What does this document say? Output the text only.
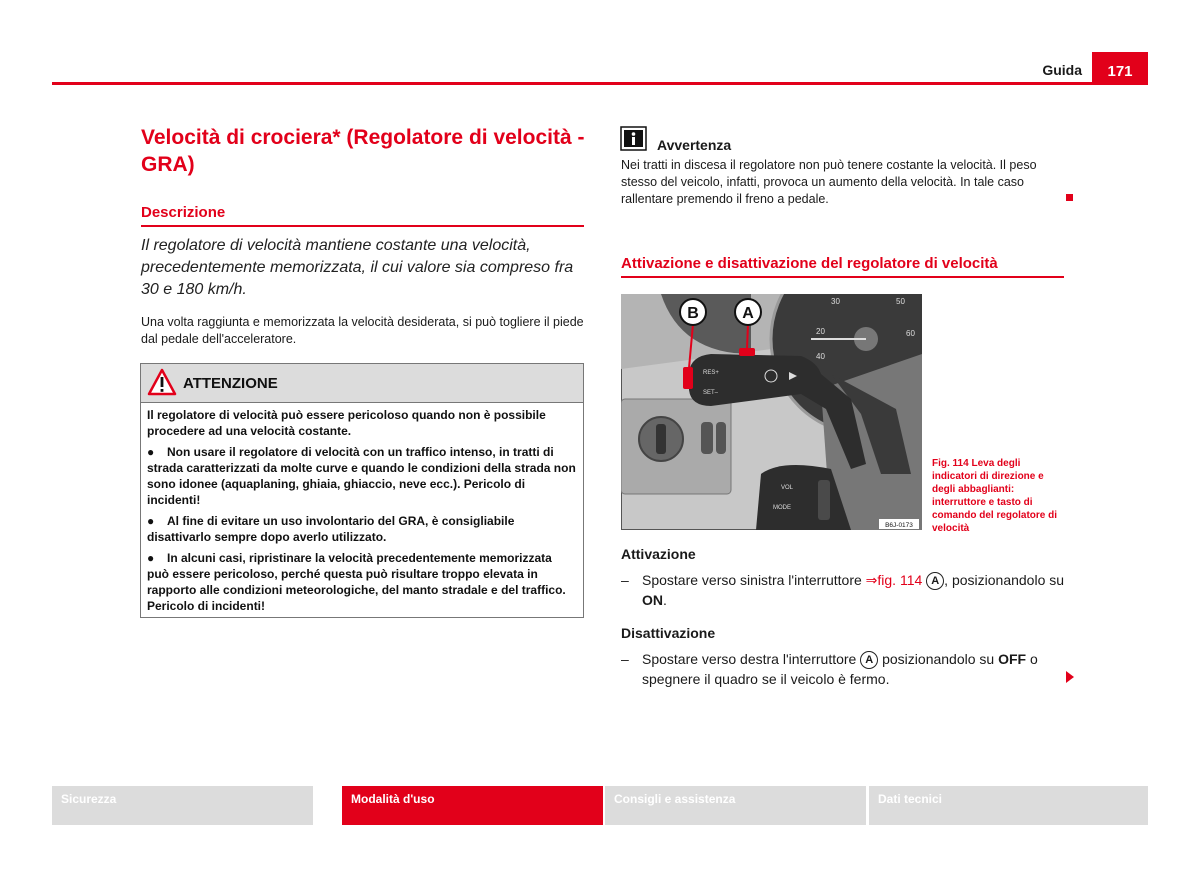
Guida	171
Velocità di crociera* (Regolatore di velocità - GRA)
Descrizione
Il regolatore di velocità mantiene costante una velocità, precedentemente memorizzata, il cui valore sia compreso fra 30 e 180 km/h.
Una volta raggiunta e memorizzata la velocità desiderata, si può togliere il piede dal pedale dell'acceleratore.
ATTENZIONE

Il regolatore di velocità può essere pericoloso quando non è possibile procedere ad una velocità costante.

● Non usare il regolatore di velocità con un traffico intenso, in tratti di strada caratterizzati da molte curve e quando le condizioni della strada non sono idonee (aquaplaning, ghiaia, ghiaccio, neve ecc.). Pericolo di incidenti!

● Al fine di evitare un uso involontario del GRA, è consigliabile disattivarlo sempre dopo averlo utilizzato.

● In alcuni casi, ripristinare la velocità precedentemente memorizzata può essere pericoloso, perché questa può risultare troppo elevata in rapporto alle condizioni meteorologiche, del manto stradale e del traffico. Pericolo di incidenti!

Avvertenza
Nei tratti in discesa il regolatore non può tenere costante la velocità. Il peso stesso del veicolo, infatti, provoca un aumento della velocità. In tale caso rallentare premendo il freno a pedale.
Attivazione e disattivazione del regolatore di velocità
20
30
40
50
60
RES+
SET–
VOL
MODE
B	A
B6J-0173
Fig. 114 Leva degli indicatori di direzione e degli abbaglianti: interruttore e tasto di comando del regolatore di velocità
Attivazione
– Spostare verso sinistra l'interruttore ⇒fig. 114 A , posizionandolo su ON.
Disattivazione
– Spostare verso destra l'interruttore A posizionandolo su OFF o spegnere il quadro se il veicolo è fermo.
Sicurezza	Modalità d'uso	Consigli e assistenza	Dati tecnici
